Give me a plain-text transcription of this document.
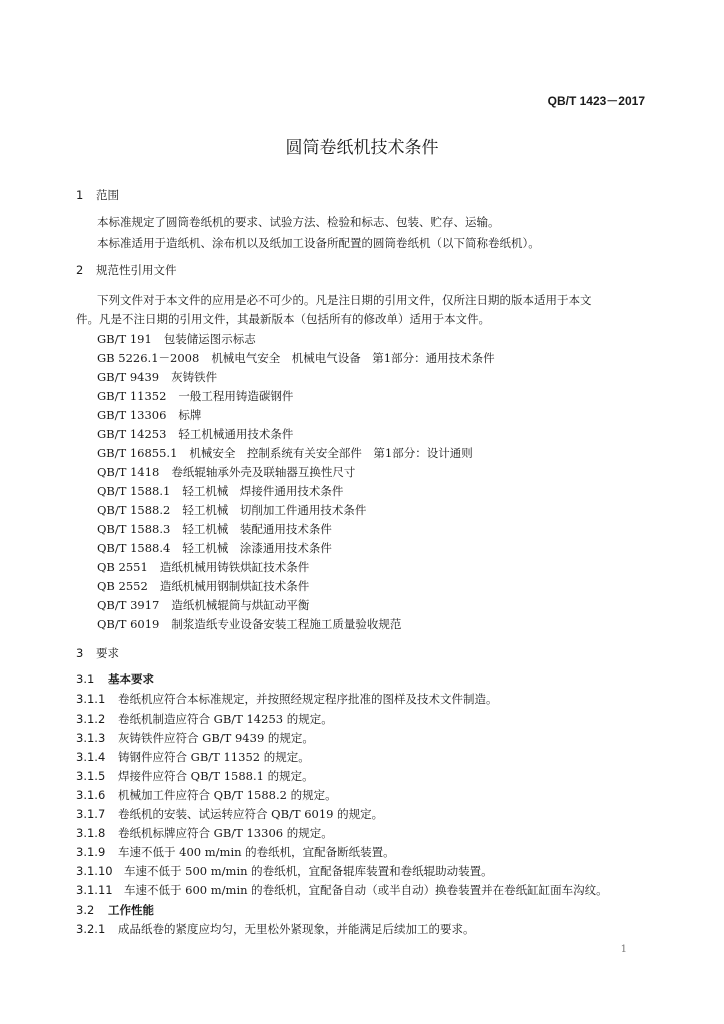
QB/T 1423－2017
圆筒卷纸机技术条件
1 范围
本标准规定了圆筒卷纸机的要求、试验方法、检验和标志、包装、贮存、运输。
本标准适用于造纸机、涂布机以及纸加工设备所配置的圆筒卷纸机（以下简称卷纸机）。
2 规范性引用文件
下列文件对于本文件的应用是必不可少的。凡是注日期的引用文件，仅所注日期的版本适用于本文
件。凡是不注日期的引用文件，其最新版本（包括所有的修改单）适用于本文件。
GB/T 191 包装储运图示标志
GB 5226.1－2008 机械电气安全　机械电气设备　第1部分：通用技术条件
GB/T 9439 灰铸铁件
GB/T 11352 一般工程用铸造碳钢件
GB/T 13306 标牌
GB/T 14253 轻工机械通用技术条件
GB/T 16855.1 机械安全　控制系统有关安全部件　第1部分：设计通则
QB/T 1418 卷纸辊轴承外壳及联轴器互换性尺寸
QB/T 1588.1 轻工机械　焊接件通用技术条件
QB/T 1588.2 轻工机械　切削加工件通用技术条件
QB/T 1588.3 轻工机械　装配通用技术条件
QB/T 1588.4 轻工机械　涂漆通用技术条件
QB 2551 造纸机械用铸铁烘缸技术条件
QB 2552 造纸机械用钢制烘缸技术条件
QB/T 3917 造纸机械辊筒与烘缸动平衡
QB/T 6019 制浆造纸专业设备安装工程施工质量验收规范
3 要求
3.1 基本要求
3.1.1 卷纸机应符合本标准规定，并按照经规定程序批准的图样及技术文件制造。
3.1.2 卷纸机制造应符合 GB/T 14253 的规定。
3.1.3 灰铸铁件应符合 GB/T 9439 的规定。
3.1.4 铸钢件应符合 GB/T 11352 的规定。
3.1.5 焊接件应符合 QB/T 1588.1 的规定。
3.1.6 机械加工件应符合 QB/T 1588.2 的规定。
3.1.7 卷纸机的安装、试运转应符合 QB/T 6019 的规定。
3.1.8 卷纸机标牌应符合 GB/T 13306 的规定。
3.1.9 车速不低于 400 m/min 的卷纸机，宜配备断纸装置。
3.1.10 车速不低于 500 m/min 的卷纸机，宜配备辊库装置和卷纸辊助动装置。
3.1.11 车速不低于 600 m/min 的卷纸机，宜配备自动（或半自动）换卷装置并在卷纸缸缸面车沟纹。
3.2 工作性能
3.2.1 成品纸卷的紧度应均匀，无里松外紧现象，并能满足后续加工的要求。
1
